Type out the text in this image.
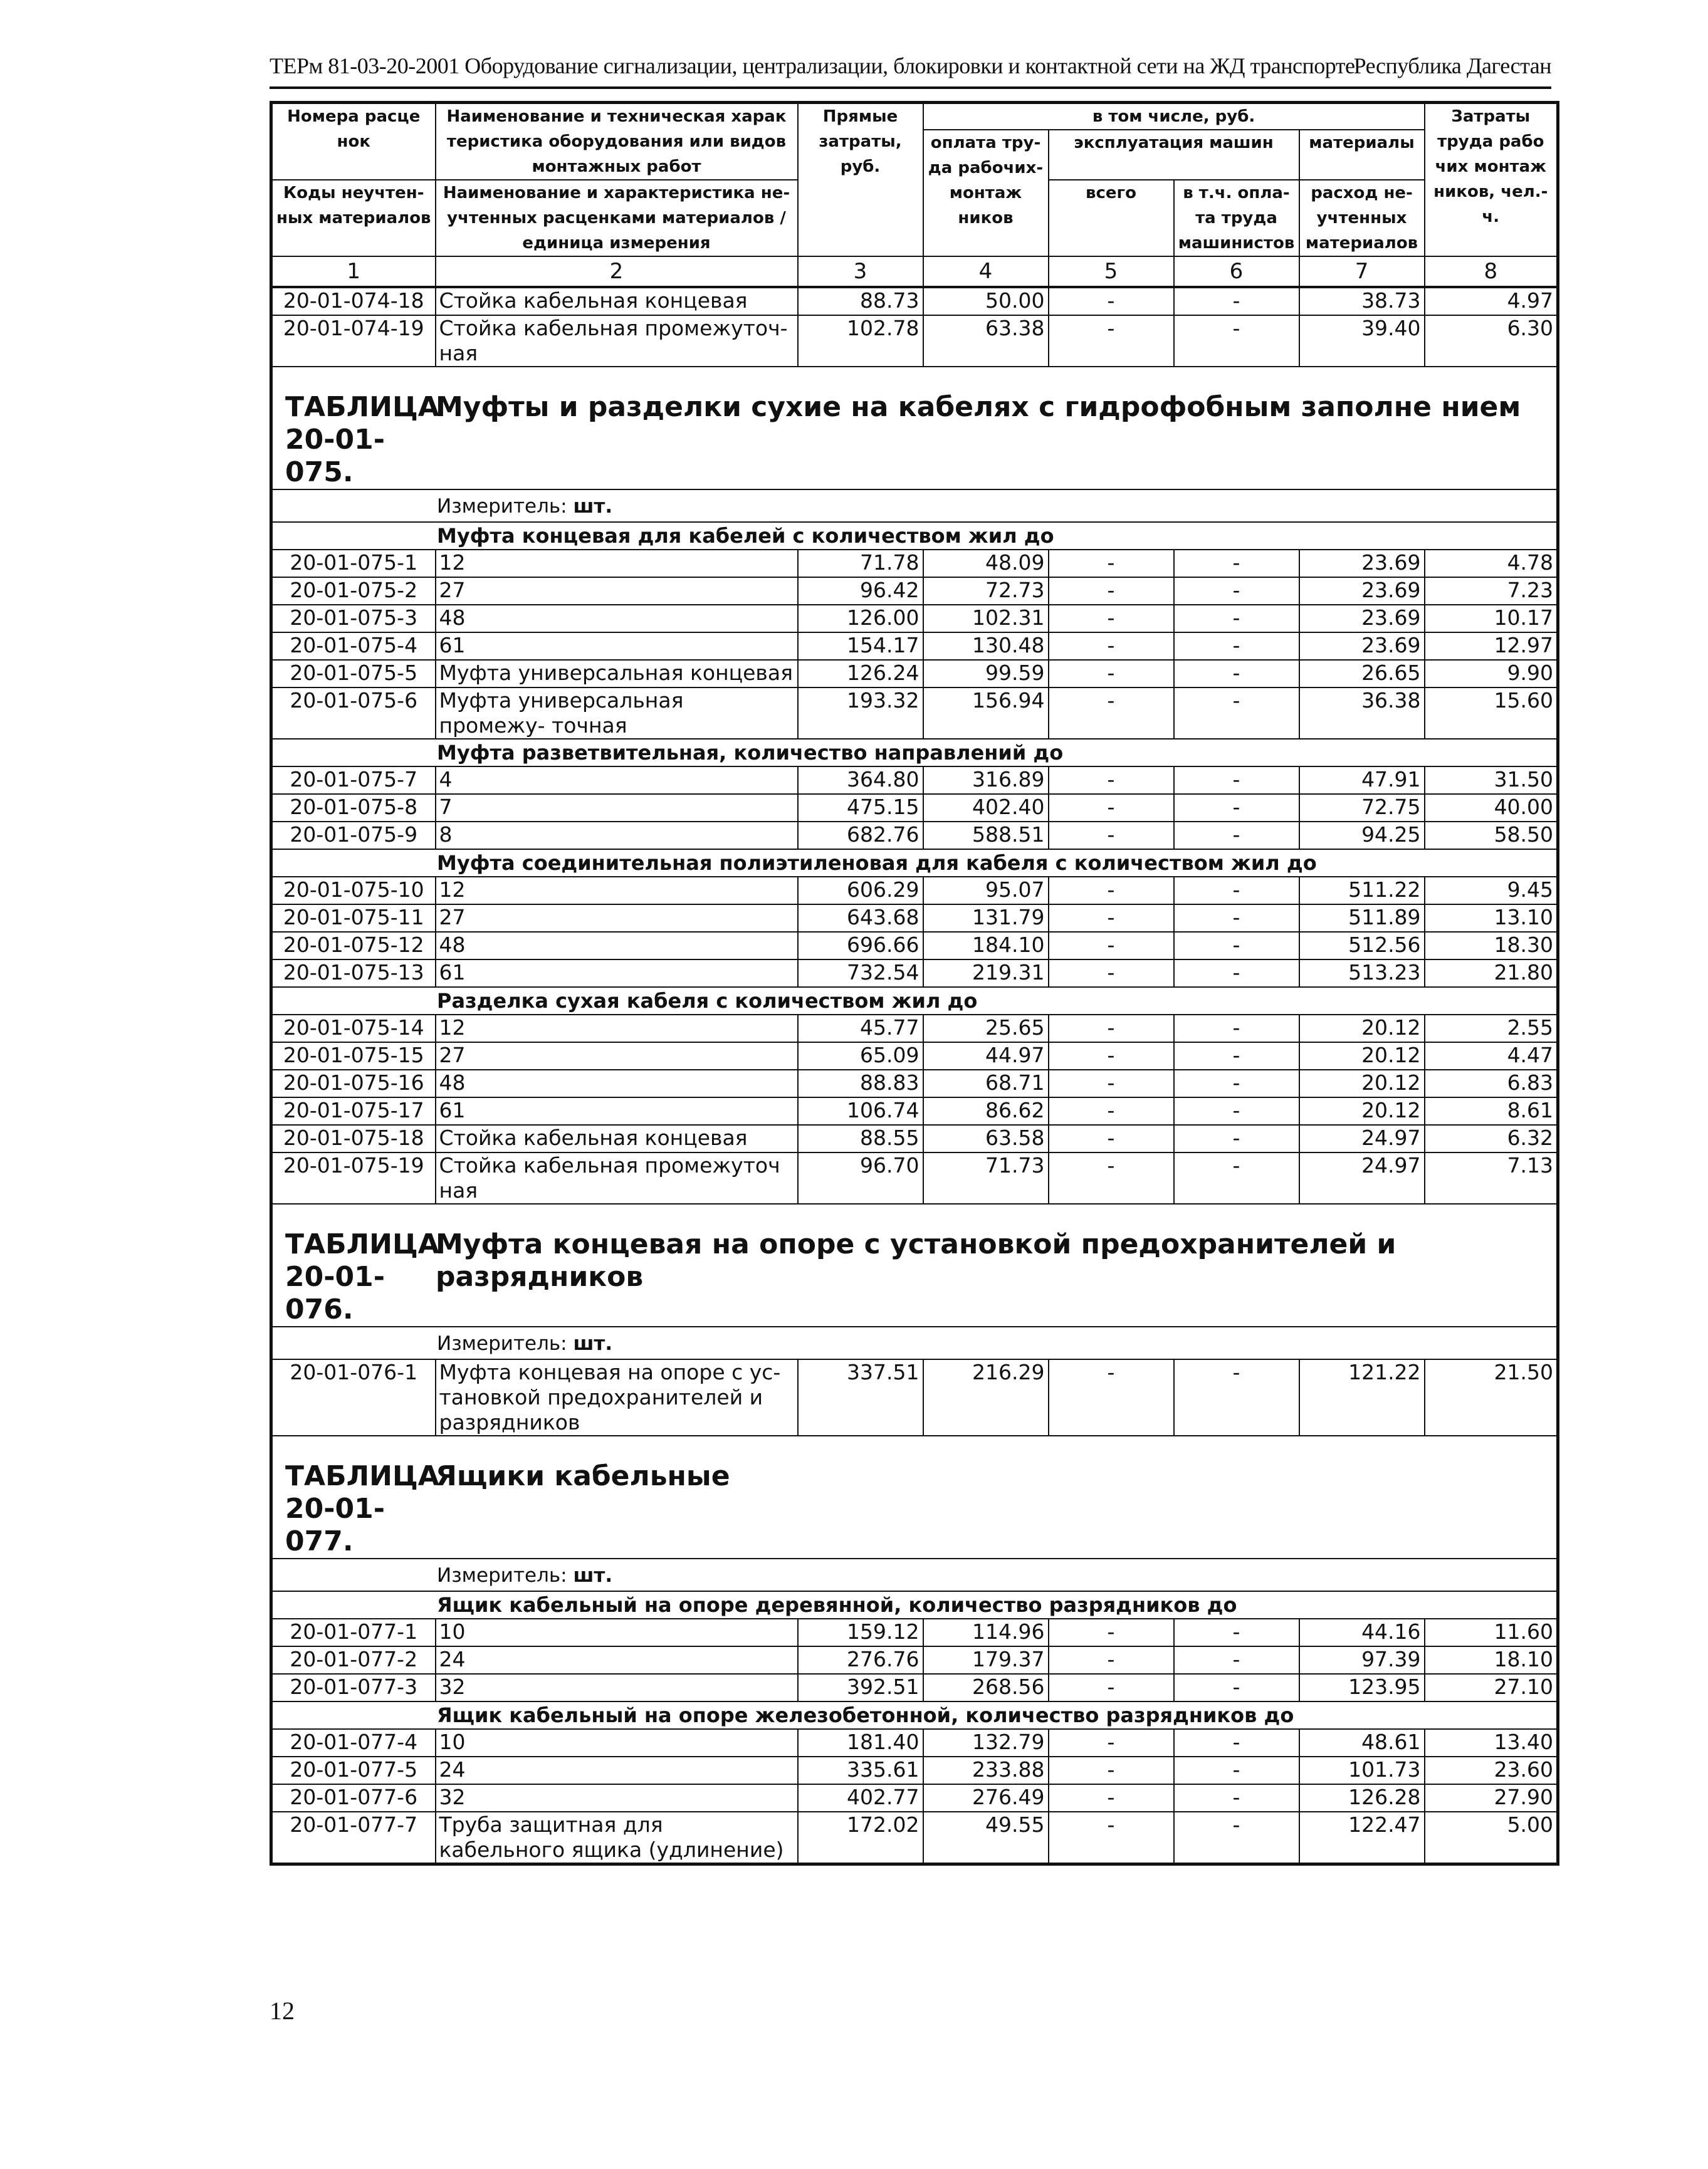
ТЕРм 81-03-20-2001 Оборудование сигнализации, централизации, блокировки и контактной сети на ЖД транспорте
Республика Дагестан
Номера расце нок	Наименование и техническая харак теристика оборудования или видов монтажных работ	Прямые затраты, руб.	в том числе, руб.				Затраты труда рабо чих монтаж ников, чел.-ч.
			оплата тру- да рабочих- монтаж ников	эксплуатация машин		материалы	
Коды неучтен- ных материалов	Наименование и характеристика не- учтенных расценками материалов / единица измерения			всего	в т.ч. опла- та труда машинистов	расход не- учтенных материалов	

1	2	3	4	5	6	7	8
20-01-074-18	Стойка кабельная концевая	88.73	50.00	-	-	38.73	4.97
20-01-074-19	Стойка кабельная промежуточ- ная	102.78	63.38	-	-	39.40	6.30
ТАБЛИЦА 20-01-075.Муфты и разделки сухие на кабелях с гидрофобным заполне нием							
Измеритель: шт.							
Муфта концевая для кабелей с количеством жил до							
20-01-075-1	12	71.78	48.09	-	-	23.69	4.78
20-01-075-2	27	96.42	72.73	-	-	23.69	7.23
20-01-075-3	48	126.00	102.31	-	-	23.69	10.17
20-01-075-4	61	154.17	130.48	-	-	23.69	12.97
20-01-075-5	Муфта универсальная концевая	126.24	99.59	-	-	26.65	9.90
20-01-075-6	Муфта универсальная промежу- точная	193.32	156.94	-	-	36.38	15.60
Муфта разветвительная, количество направлений до							
20-01-075-7	4	364.80	316.89	-	-	47.91	31.50
20-01-075-8	7	475.15	402.40	-	-	72.75	40.00
20-01-075-9	8	682.76	588.51	-	-	94.25	58.50
Муфта соединительная полиэтиленовая для кабеля с количеством жил до							
20-01-075-10	12	606.29	95.07	-	-	511.22	9.45
20-01-075-11	27	643.68	131.79	-	-	511.89	13.10
20-01-075-12	48	696.66	184.10	-	-	512.56	18.30
20-01-075-13	61	732.54	219.31	-	-	513.23	21.80
Разделка сухая кабеля с количеством жил до							
20-01-075-14	12	45.77	25.65	-	-	20.12	2.55
20-01-075-15	27	65.09	44.97	-	-	20.12	4.47
20-01-075-16	48	88.83	68.71	-	-	20.12	6.83
20-01-075-17	61	106.74	86.62	-	-	20.12	8.61
20-01-075-18	Стойка кабельная концевая	88.55	63.58	-	-	24.97	6.32
20-01-075-19	Стойка кабельная промежуточ ная	96.70	71.73	-	-	24.97	7.13
ТАБЛИЦА 20-01-076.Муфта концевая на опоре с установкой предохранителей и разрядников							
Измеритель: шт.							
20-01-076-1	Муфта концевая на опоре с ус- тановкой предохранителей и разрядников	337.51	216.29	-	-	121.22	21.50
ТАБЛИЦА 20-01-077.Ящики кабельные							
Измеритель: шт.							
Ящик кабельный на опоре деревянной, количество разрядников до							
20-01-077-1	10	159.12	114.96	-	-	44.16	11.60
20-01-077-2	24	276.76	179.37	-	-	97.39	18.10
20-01-077-3	32	392.51	268.56	-	-	123.95	27.10
Ящик кабельный на опоре железобетонной, количество разрядников до							
20-01-077-4	10	181.40	132.79	-	-	48.61	13.40
20-01-077-5	24	335.61	233.88	-	-	101.73	23.60
20-01-077-6	32	402.77	276.49	-	-	126.28	27.90
20-01-077-7	Труба защитная для кабельного ящика (удлинение)	172.02	49.55	-	-	122.47	5.00
12
